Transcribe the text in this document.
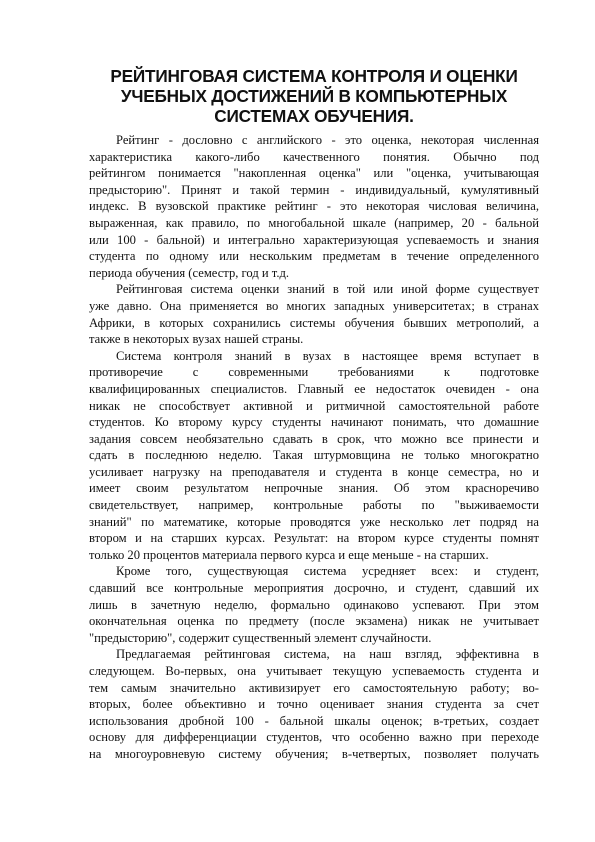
РЕЙТИНГОВАЯ СИСТЕМА КОНТРОЛЯ И ОЦЕНКИ
УЧЕБНЫХ ДОСТИЖЕНИЙ В КОМПЬЮТЕРНЫХ
СИСТЕМАХ ОБУЧЕНИЯ.
Рейтинг - дословно с английского - это оценка, некоторая численная
характеристика какого-либо качественного понятия. Обычно под
рейтингом понимается "накопленная оценка" или "оценка, учитывающая
предысторию". Принят и такой термин - индивидуальный, кумулятивный
индекс. В вузовской практике рейтинг - это некоторая числовая величина,
выраженная, как правило, по многобальной шкале (например, 20 - бальной
или 100 - бальной) и интегрально характеризующая успеваемость и знания
студента по одному или нескольким предметам в течение определенного
периода обучения (семестр, год и т.д.
Рейтинговая система оценки знаний в той или иной форме существует
уже давно. Она применяется во многих западных университетах; в странах
Африки, в которых сохранились системы обучения бывших метрополий, а
также в некоторых вузах нашей страны.
Система контроля знаний в вузах в настоящее время вступает в
противоречие с современными требованиями к подготовке
квалифицированных специалистов. Главный ее недостаток очевиден - она
никак не способствует активной и ритмичной самостоятельной работе
студентов. Ко второму курсу студенты начинают понимать, что домашние
задания совсем необязательно сдавать в срок, что можно все принести и
сдать в последнюю неделю. Такая штурмовщина не только многократно
усиливает нагрузку на преподавателя и студента в конце семестра, но и
имеет своим результатом непрочные знания. Об этом красноречиво
свидетельствует, например, контрольные работы по "выживаемости
знаний" по математике, которые проводятся уже несколько лет подряд на
втором и на старших курсах. Результат: на втором курсе студенты помнят
только 20 процентов материала первого курса и еще меньше - на старших.
Кроме того, существующая система усредняет всех: и студент,
сдавший все контрольные мероприятия досрочно, и студент, сдавший их
лишь в зачетную неделю, формально одинаково успевают. При этом
окончательная оценка по предмету (после экзамена) никак не учитывает
"предысторию", содержит существенный элемент случайности.
Предлагаемая рейтинговая система, на наш взгляд, эффективна в
следующем. Во-первых, она учитывает текущую успеваемость студента и
тем самым значительно активизирует его самостоятельную работу; во-
вторых, более объективно и точно оценивает знания студента за счет
использования дробной 100 - бальной шкалы оценок; в-третьих, создает
основу для дифференциации студентов, что особенно важно при переходе
на многоуровневую систему обучения; в-четвертых, позволяет получать
